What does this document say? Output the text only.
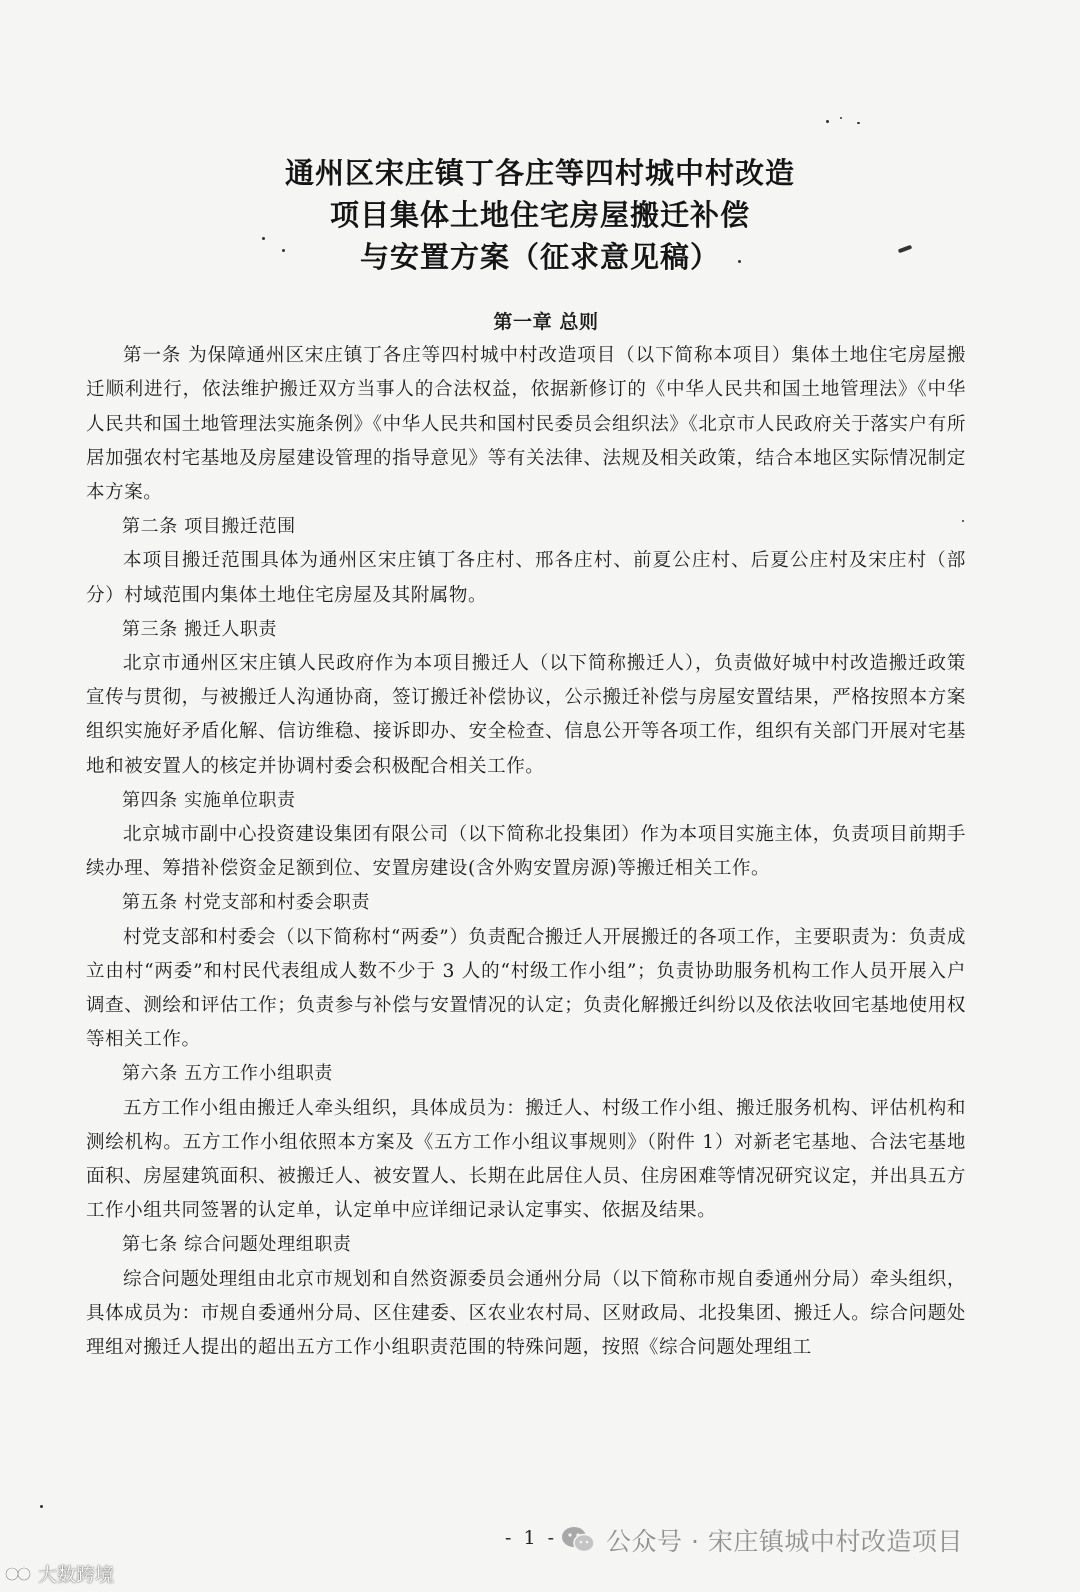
通州区宋庄镇丁各庄等四村城中村改造
项目集体土地住宅房屋搬迁补偿
与安置方案（征求意见稿）

第一章 总则

第一条 为保障通州区宋庄镇丁各庄等四村城中村改造项目（以下简称本项目）集体土地住宅房屋搬迁顺利进行，依法维护搬迁双方当事人的合法权益，依据新修订的《中华人民共和国土地管理法》《中华人民共和国土地管理法实施条例》《中华人民共和国村民委员会组织法》《北京市人民政府关于落实户有所居加强农村宅基地及房屋建设管理的指导意见》等有关法律、法规及相关政策，结合本地区实际情况制定本方案。

第二条 项目搬迁范围

本项目搬迁范围具体为通州区宋庄镇丁各庄村、邢各庄村、前夏公庄村、后夏公庄村及宋庄村（部分）村域范围内集体土地住宅房屋及其附属物。

第三条 搬迁人职责

北京市通州区宋庄镇人民政府作为本项目搬迁人（以下简称搬迁人），负责做好城中村改造搬迁政策宣传与贯彻，与被搬迁人沟通协商，签订搬迁补偿协议，公示搬迁补偿与房屋安置结果，严格按照本方案组织实施好矛盾化解、信访维稳、接诉即办、安全检查、信息公开等各项工作，组织有关部门开展对宅基地和被安置人的核定并协调村委会积极配合相关工作。

第四条 实施单位职责

北京城市副中心投资建设集团有限公司（以下简称北投集团）作为本项目实施主体，负责项目前期手续办理、筹措补偿资金足额到位、安置房建设(含外购安置房源)等搬迁相关工作。

第五条 村党支部和村委会职责

村党支部和村委会（以下简称村“两委”）负责配合搬迁人开展搬迁的各项工作，主要职责为：负责成立由村“两委”和村民代表组成人数不少于 3 人的“村级工作小组”；负责协助服务机构工作人员开展入户调查、测绘和评估工作；负责参与补偿与安置情况的认定；负责化解搬迁纠纷以及依法收回宅基地使用权等相关工作。

第六条 五方工作小组职责

五方工作小组由搬迁人牵头组织，具体成员为：搬迁人、村级工作小组、搬迁服务机构、评估机构和测绘机构。五方工作小组依照本方案及《五方工作小组议事规则》（附件 1）对新老宅基地、合法宅基地面积、房屋建筑面积、被搬迁人、被安置人、长期在此居住人员、住房困难等情况研究议定，并出具五方工作小组共同签署的认定单，认定单中应详细记录认定事实、依据及结果。

第七条 综合问题处理组职责

综合问题处理组由北京市规划和自然资源委员会通州分局（以下简称市规自委通州分局）牵头组织，具体成员为：市规自委通州分局、区住建委、区农业农村局、区财政局、北投集团、搬迁人。综合问题处理组对搬迁人提出的超出五方工作小组职责范围的特殊问题，按照《综合问题处理组工

- 1 - 公众号 · 宋庄镇城中村改造项目
大数跨境
